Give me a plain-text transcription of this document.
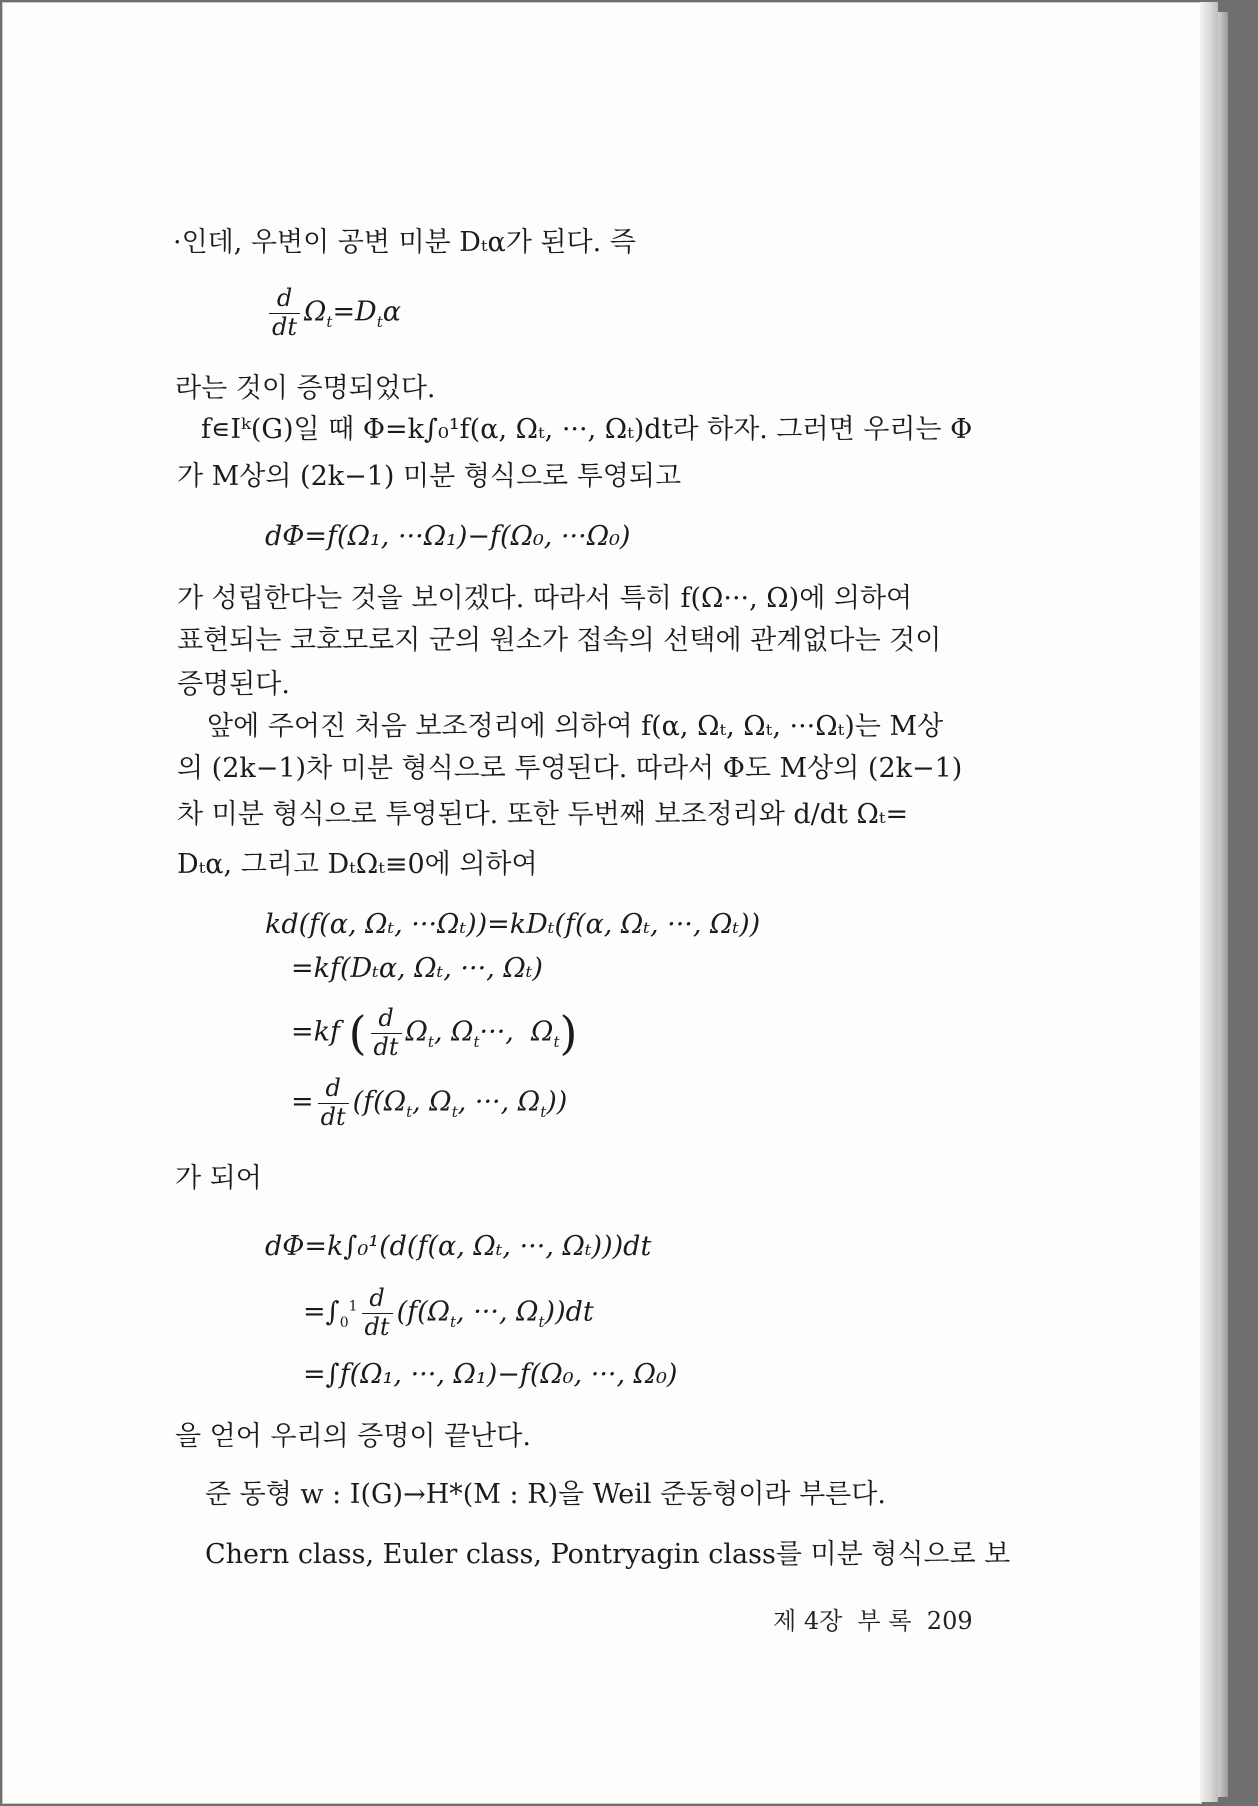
·인데, 우변이 공변 미분 Dₜα가 된다. 즉
$\frac{d}{dt} \Omega_t=D_t\alpha$
라는 것이 증명되었다.
f∊Iᵏ(G)일 때 Φ=k∫₀¹f(α, Ωₜ, ···, Ωₜ)dt라 하자. 그러면 우리는 Φ
가 M상의 (2k−1) 미분 형식으로 투영되고
dΦ=f(Ω₁, ···Ω₁)−f(Ω₀, ···Ω₀)
가 성립한다는 것을 보이겠다. 따라서 특히 f(Ω···, Ω)에 의하여
표현되는 코호모로지 군의 원소가 접속의 선택에 관계없다는 것이
증명된다.
앞에 주어진 처음 보조정리에 의하여 f(α, Ωₜ, Ωₜ, ···Ωₜ)는 M상
의 (2k−1)차 미분 형식으로 투영된다. 따라서 Φ도 M상의 (2k−1)
차 미분 형식으로 투영된다. 또한 두번째 보조정리와 d/dt Ωₜ=
Dₜα, 그리고 DₜΩₜ≡0에 의하여
kd(f(α, Ωₜ, ···Ωₜ))=kDₜ(f(α, Ωₜ, ···, Ωₜ))
=kf(Dₜα, Ωₜ, ···, Ωₜ)
=kf ( $\frac{d}{dt} \Omega_t$, $\Omega_t\cdot\cdot\cdot$,  $\Omega_t$)
= $\frac{d}{dt} (f(\Omega_t$, $\Omega_t$, ···, $\Omega_t$))
가 되어
dΦ=k∫₀¹(d(f(α, Ωₜ, ···, Ωₜ)))dt
$=\int_0^1 \frac{d}{dt} (f(\Omega_t$, ···, $\Omega_t))dt$
=∫f(Ω₁, ···, Ω₁)−f(Ω₀, ···, Ω₀)
을 얻어 우리의 증명이 끝난다.
준 동형 w : I(G)→H*(M : R)을 Weil 준동형이라 부른다.
Chern class, Euler class, Pontryagin class를 미분 형식으로 보
제 4장  부 록 209
